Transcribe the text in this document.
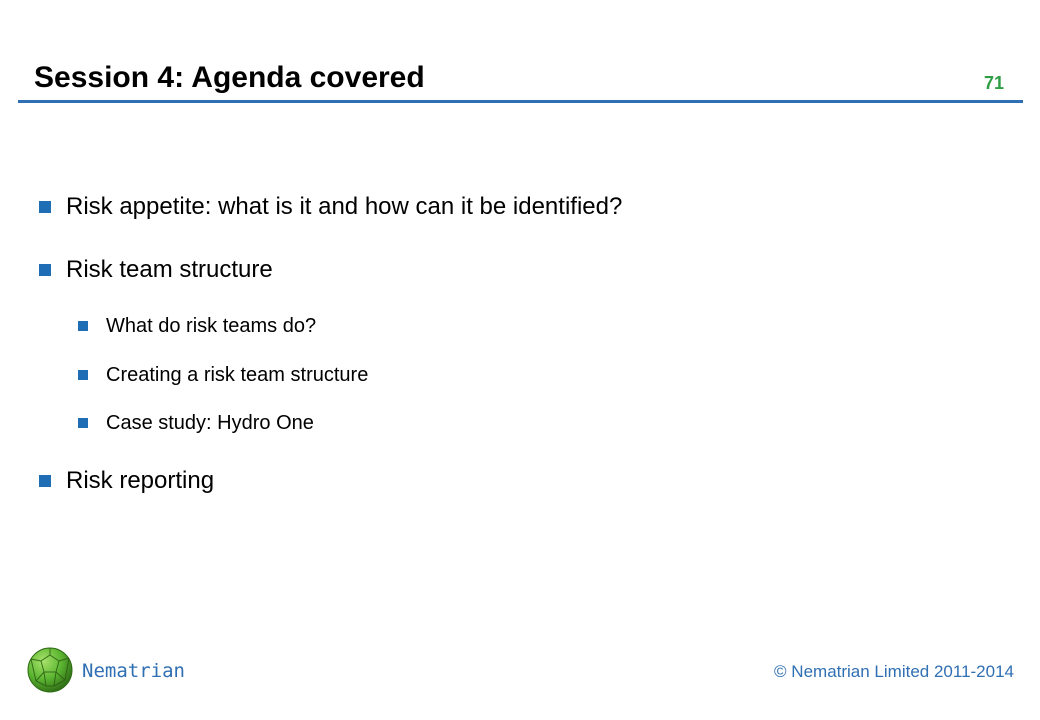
Session 4: Agenda covered	71
Risk appetite: what is it and how can it be identified?
Risk team structure
What do risk teams do?
Creating a risk team structure
Case study: Hydro One
Risk reporting
Nematrian	© Nematrian Limited 2011-2014
